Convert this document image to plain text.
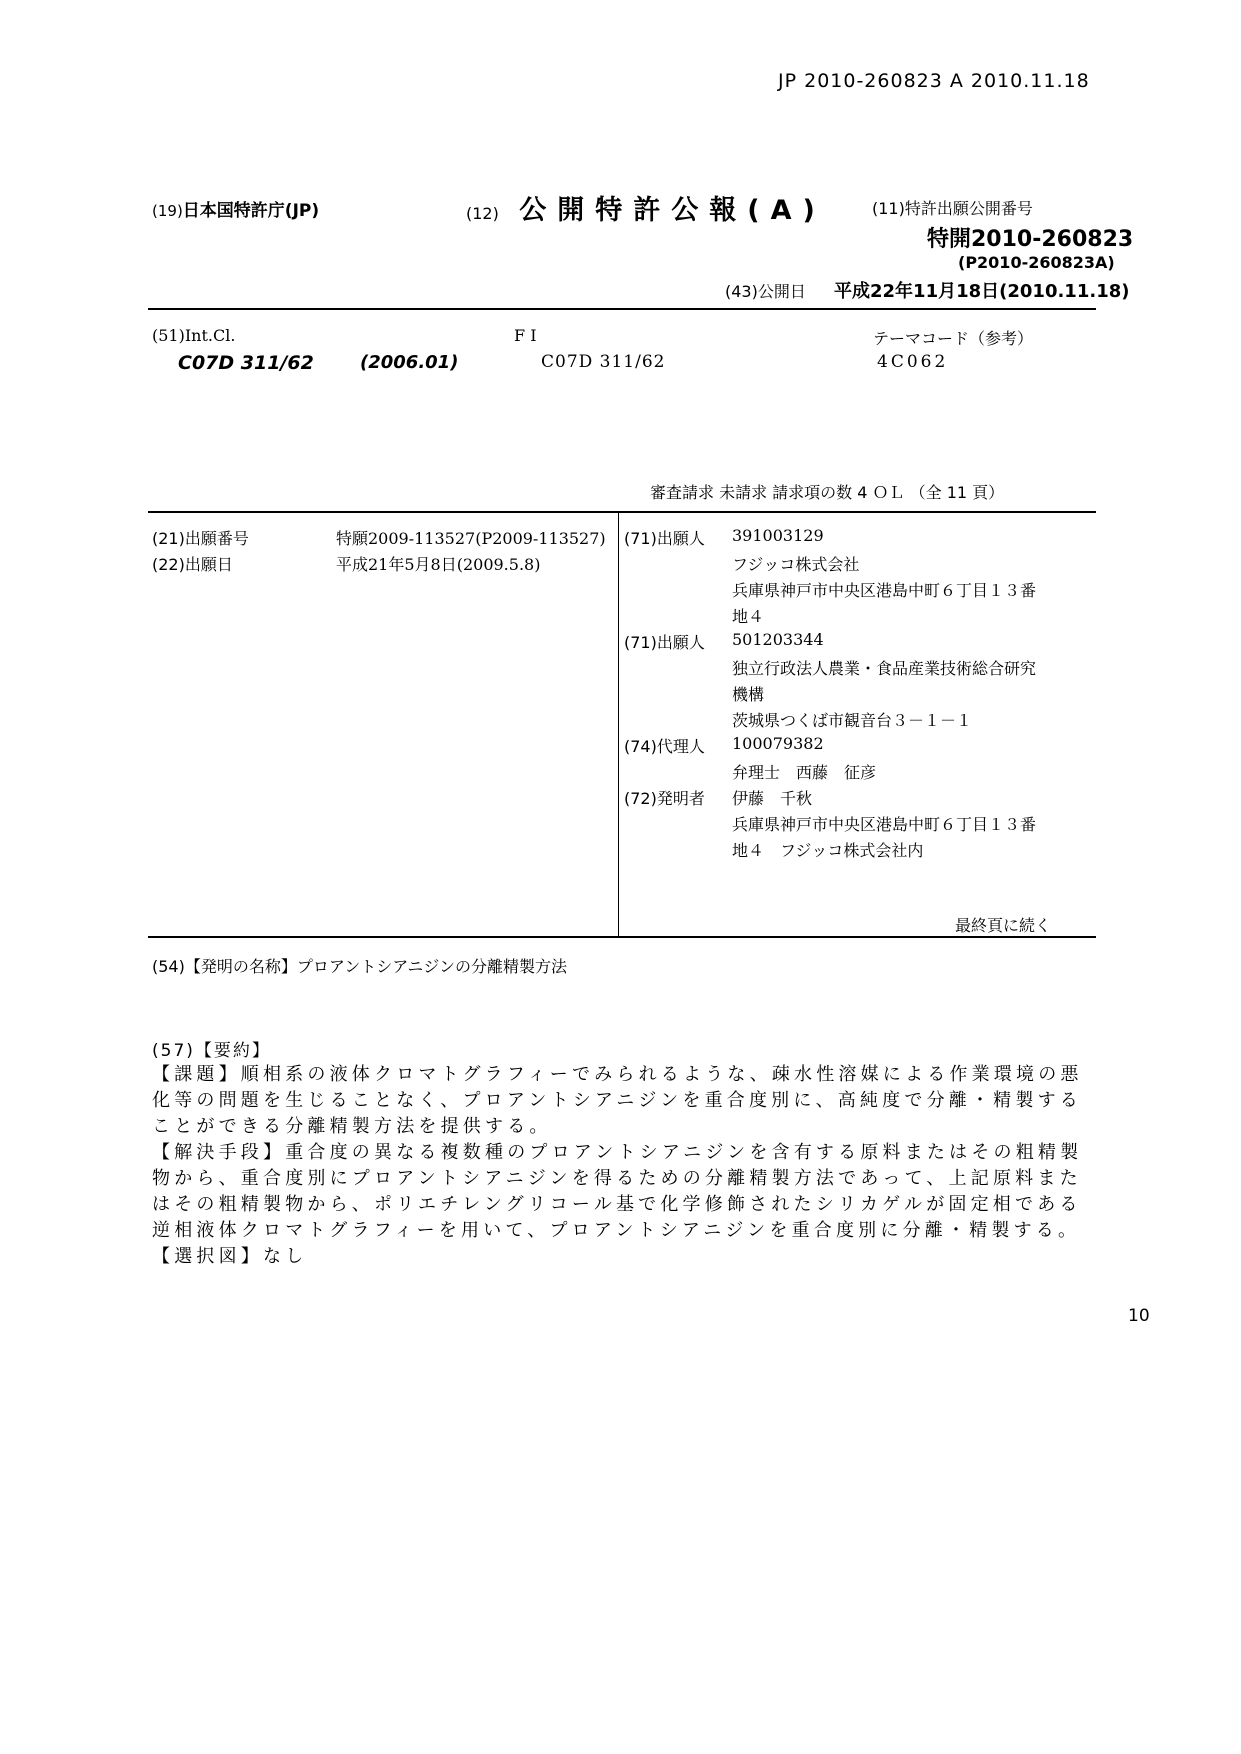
JP 2010-260823 A 2010.11.18
(19)日本国特許庁(JP)	(12) 公開特許公報(A)	(11)特許出願公開番号
特開2010-260823
(P2010-260823A)
(43)公開日 平成22年11月18日(2010.11.18)
(51)Int.Cl.
C07D 311/62	(2006.01)
F I
C07D 311/62
テーマコード（参考）
4C062
審査請求 未請求 請求項の数 4 ＯＬ （全 11 頁）
(21)出願番号	特願2009-113527(P2009-113527)
(22)出願日	平成21年5月8日(2009.5.8)
(71)出願人 391003129
フジッコ株式会社
兵庫県神戸市中央区港島中町６丁目１３番
地４
(71)出願人 501203344
独立行政法人農業・食品産業技術総合研究
機構
茨城県つくば市観音台３－１－１
(74)代理人 100079382
弁理士　西藤　征彦
(72)発明者 伊藤　千秋
兵庫県神戸市中央区港島中町６丁目１３番
地４　フジッコ株式会社内
最終頁に続く
(54)【発明の名称】プロアントシアニジンの分離精製方法
(57)【要約】

【課題】順相系の液体クロマトグラフィーでみられるような、疎水性溶媒による作業環境の悪化等の問題を生じることなく、プロアントシアニジンを重合度別に、高純度で分離・精製することができる分離精製方法を提供する。

【解決手段】重合度の異なる複数種のプロアントシアニジンを含有する原料またはその粗精製物から、重合度別にプロアントシアニジンを得るための分離精製方法であって、上記原料またはその粗精製物から、ポリエチレングリコール基で化学修飾されたシリカゲルが固定相である逆相液体クロマトグラフィーを用いて、プロアントシアニジンを重合度別に分離・精製する。

【選択図】なし

10
